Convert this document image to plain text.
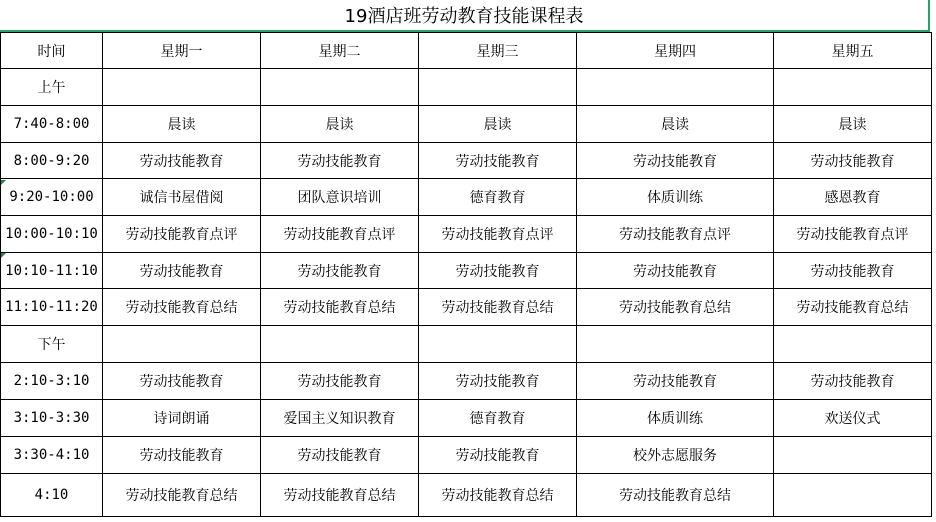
19酒店班劳动教育技能课程表
时间	星期一	星期二	星期三	星期四	星期五
上午					
7:40-8:00	晨读	晨读	晨读	晨读	晨读
8:00-9:20	劳动技能教育	劳动技能教育	劳动技能教育	劳动技能教育	劳动技能教育
9:20-10:00	诚信书屋借阅	团队意识培训	德育教育	体质训练	感恩教育
10:00-10:10	劳动技能教育点评	劳动技能教育点评	劳动技能教育点评	劳动技能教育点评	劳动技能教育点评
10:10-11:10	劳动技能教育	劳动技能教育	劳动技能教育	劳动技能教育	劳动技能教育
11:10-11:20	劳动技能教育总结	劳动技能教育总结	劳动技能教育总结	劳动技能教育总结	劳动技能教育总结
下午					
2:10-3:10	劳动技能教育	劳动技能教育	劳动技能教育	劳动技能教育	劳动技能教育
3:10-3:30	诗词朗诵	爱国主义知识教育	德育教育	体质训练	欢送仪式
3:30-4:10	劳动技能教育	劳动技能教育	劳动技能教育	校外志愿服务	
4:10	劳动技能教育总结	劳动技能教育总结	劳动技能教育总结	劳动技能教育总结	
